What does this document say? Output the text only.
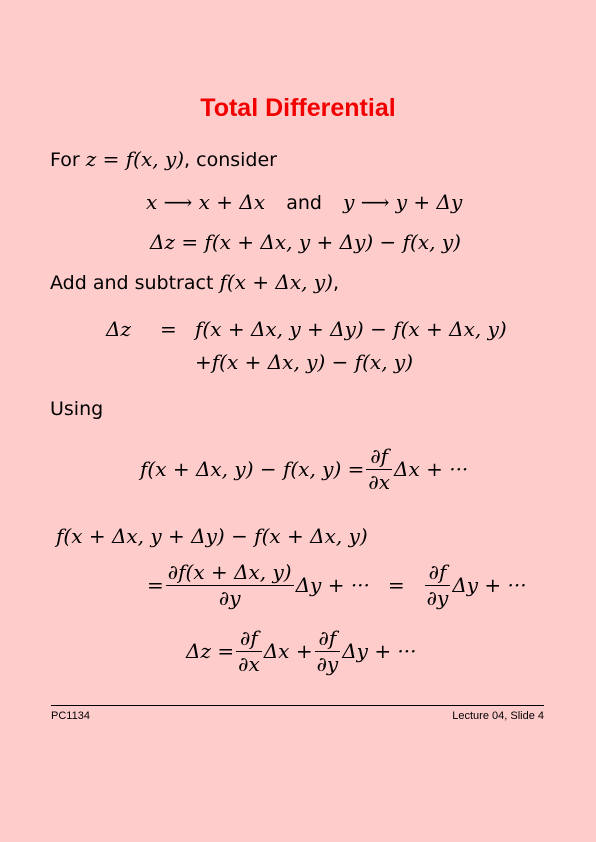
Total Differential
For z = f(x, y), consider
x ⟶ x + Δx and y ⟶ y + Δy
Δz = f(x + Δx, y + Δy) − f(x, y)
Add and subtract f(x + Δx, y),
Δz = f(x + Δx, y + Δy) − f(x + Δx, y)
+f(x + Δx, y) − f(x, y)
Using
f(x + Δx, y) − f(x, $y) = \frac{\partial f}{\partial x}$ Δx + ···
f(x + Δx, y + Δy) − f(x + Δx, y)
= $\frac{\partial f(x + \Delta x, y)}{\partial y}$ Δy + ··· = $\frac{\partial f}{\partial y}$ Δy + ···
$\Delta z = \frac{\partial f}{\partial x}$ $\Delta x + \frac{\partial f}{\partial y}$ Δy + ···
PC1134	Lecture 04, Slide 4
